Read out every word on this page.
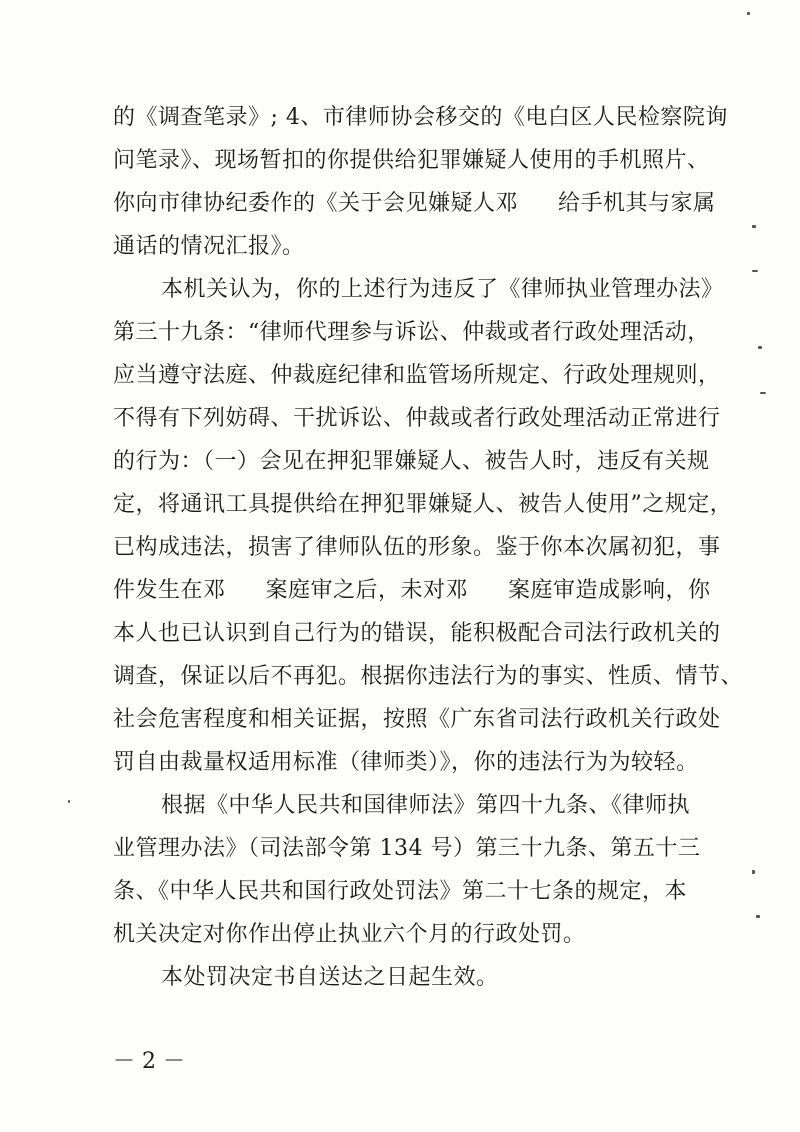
的《调查笔录》; 4、市律师协会移交的《电白区人民检察院询
问笔录》、现场暂扣的你提供给犯罪嫌疑人使用的手机照片、
你向市律协纪委作的《关于会见嫌疑人邓 给手机其与家属
通话的情况汇报》。
本机关认为，你的上述行为违反了《律师执业管理办法》
第三十九条：“律师代理参与诉讼、仲裁或者行政处理活动，
应当遵守法庭、仲裁庭纪律和监管场所规定、行政处理规则，
不得有下列妨碍、干扰诉讼、仲裁或者行政处理活动正常进行
的行为：（一）会见在押犯罪嫌疑人、被告人时，违反有关规
定，将通讯工具提供给在押犯罪嫌疑人、被告人使用”之规定，
已构成违法，损害了律师队伍的形象。鉴于你本次属初犯，事
件发生在邓 案庭审之后，未对邓 案庭审造成影响，你
本人也已认识到自己行为的错误，能积极配合司法行政机关的
调查，保证以后不再犯。根据你违法行为的事实、性质、情节、
社会危害程度和相关证据，按照《广东省司法行政机关行政处
罚自由裁量权适用标准（律师类）》，你的违法行为为较轻。
根据《中华人民共和国律师法》第四十九条、《律师执
业管理办法》（司法部令第 134 号）第三十九条、第五十三
条、《中华人民共和国行政处罚法》第二十七条的规定，本
机关决定对你作出停止执业六个月的行政处罚。
本处罚决定书自送达之日起生效。
－ 2 －
